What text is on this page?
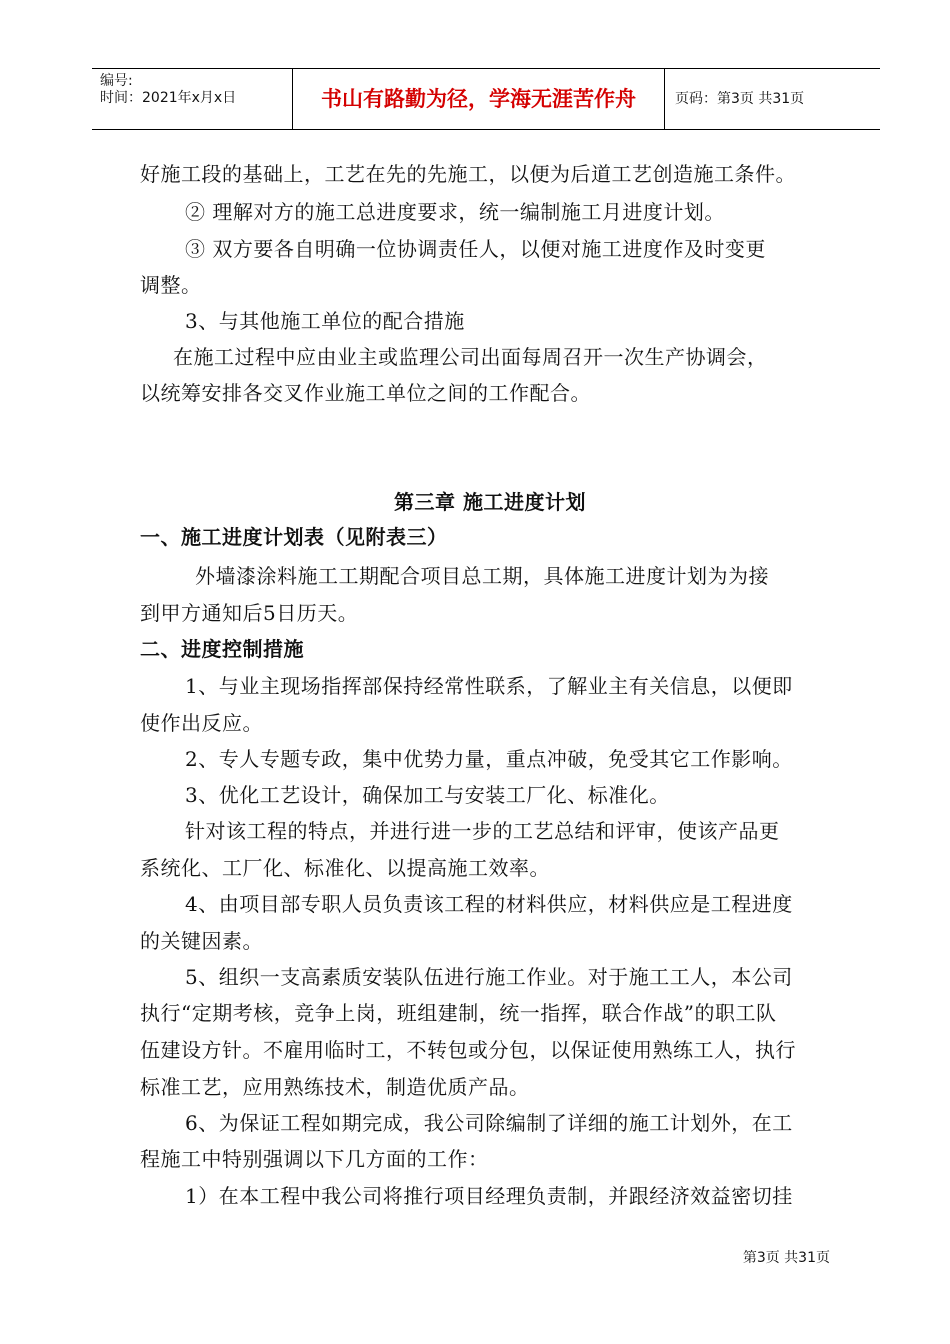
编号:
时间：2021年x月x日	书山有路勤为径，学海无涯苦作舟	页码：第3页 共31页
好施工段的基础上，工艺在先的先施工，以便为后道工艺创造施工条件。
② 理解对方的施工总进度要求，统一编制施工月进度计划。
③ 双方要各自明确一位协调责任人，以便对施工进度作及时变更
调整。
3、与其他施工单位的配合措施
在施工过程中应由业主或监理公司出面每周召开一次生产协调会，
以统筹安排各交叉作业施工单位之间的工作配合。
第三章 施工进度计划
一、施工进度计划表（见附表三）
外墙漆涂料施工工期配合项目总工期，具体施工进度计划为为接
到甲方通知后5日历天。
二、进度控制措施
1、与业主现场指挥部保持经常性联系，了解业主有关信息，以便即
使作出反应。
2、专人专题专政，集中优势力量，重点冲破，免受其它工作影响。
3、优化工艺设计，确保加工与安装工厂化、标准化。
针对该工程的特点，并进行进一步的工艺总结和评审，使该产品更
系统化、工厂化、标准化、以提高施工效率。
4、由项目部专职人员负责该工程的材料供应，材料供应是工程进度
的关键因素。
5、组织一支高素质安装队伍进行施工作业。对于施工工人，本公司
执行“定期考核，竞争上岗，班组建制，统一指挥，联合作战”的职工队
伍建设方针。不雇用临时工，不转包或分包，以保证使用熟练工人，执行
标准工艺，应用熟练技术，制造优质产品。
6、为保证工程如期完成，我公司除编制了详细的施工计划外，在工
程施工中特别强调以下几方面的工作：
1）在本工程中我公司将推行项目经理负责制，并跟经济效益密切挂
第3页 共31页
